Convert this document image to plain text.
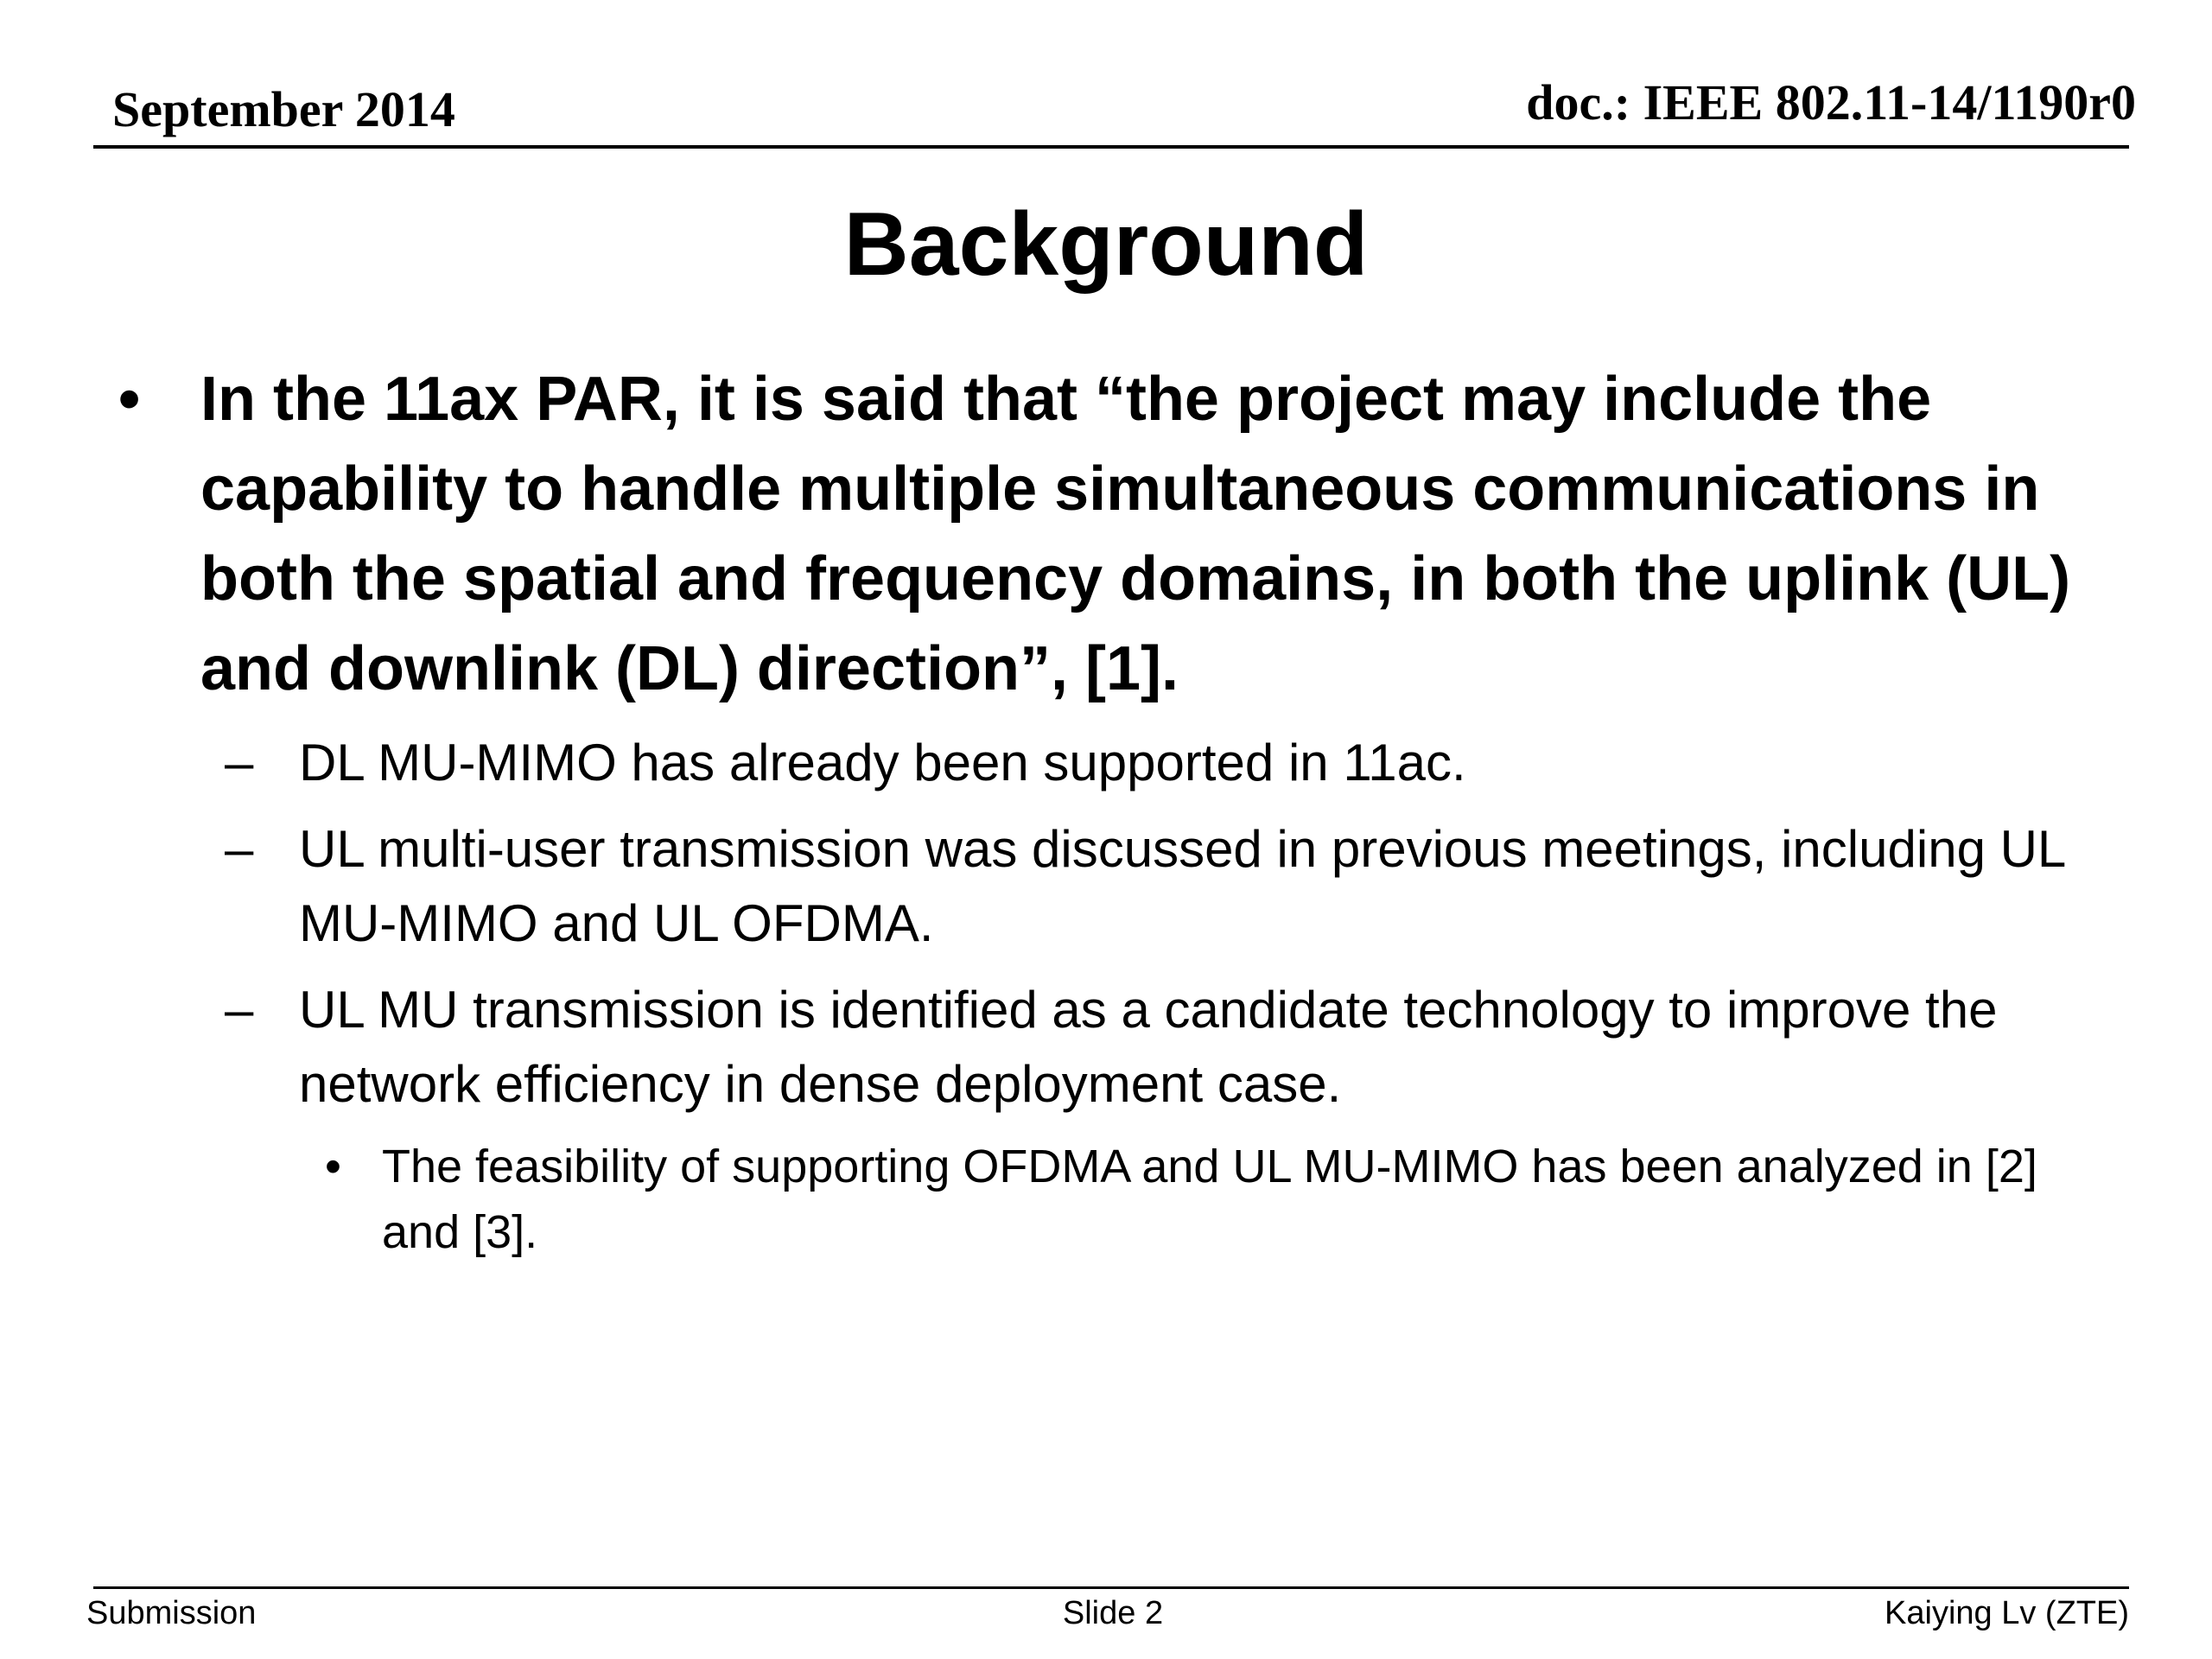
September 2014	doc.: IEEE 802.11-14/1190r0
Background
• In the 11ax PAR, it is said that “the project may include the capability to handle multiple simultaneous communications in both the spatial and frequency domains, in both the uplink (UL) and downlink (DL) direction”, [1].
– DL MU-MIMO has already been supported in 11ac.
– UL multi-user transmission was discussed in previous meetings, including UL MU-MIMO and UL OFDMA.
– UL MU transmission is identified as a candidate technology to improve the network efficiency in dense deployment case.
• The feasibility of supporting OFDMA and UL MU-MIMO has been analyzed in [2] and [3].
Submission	Slide 2	Kaiying Lv (ZTE)
